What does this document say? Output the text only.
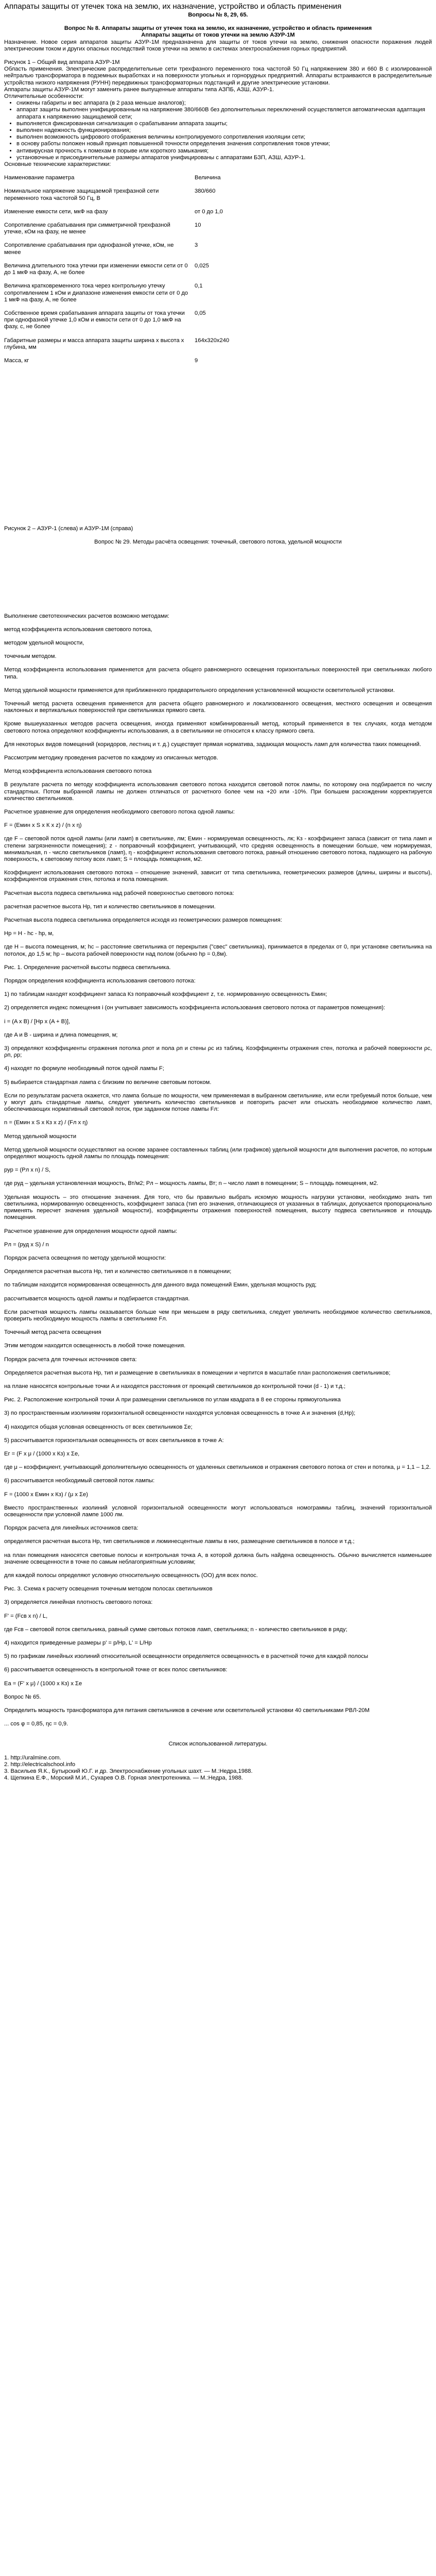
Аппараты защиты от утечек тока на землю, их назначение, устройство и область применения
Вопросы № 8, 29, 65.
Вопрос № 8. Аппараты защиты от утечек тока на землю, их назначение, устройство и область применения
Аппараты защиты от токов утечки на землю АЗУР-1М
Назначение. Новое серия аппаратов защиты АЗУР-1М предназначена для защиты от токов утечки на землю, снижения опасности поражения людей электрическим током и других опасных последствий токов утечки на землю в системах электроснабжения горных предприятий.
Рисунок 1 – Общий вид аппарата АЗУР-1М
Область применения. Электрические распределительные сети трехфазного переменного тока частотой 50 Гц напряжением 380 и 660 В с изолированной нейтралью трансформатора в подземных выработках и на поверхности угольных и горнорудных предприятий. Аппараты встраиваются в распределительные устройства низкого напряжения (РУНН) передвижных трансформаторных подстанций и другие электрические установки.
Аппараты защиты АЗУР-1М могут заменить ранее выпущенные аппараты типа АЗПБ, АЗШ, АЗУР-1.
Отличительные особенности:
• снижены габариты и вес аппарата (в 2 раза меньше аналогов);
• аппарат защиты выполнен унифицированным на напряжение 380/660В без дополнительных переключений осуществляется автоматическая адаптация аппарата к напряжению защищаемой сети;
• выполняется фиксированная сигнализация о срабатывании аппарата защиты;
• выполнен надежность функционирования;
• выполнен возможность цифрового отображения величины контролируемого сопротивления изоляции сети;
• в основу работы положен новый принцип повышенной точности определения значения сопротивления токов утечки;
• антивирусная прочность к помехам в порыве или короткого замыкания;
• установочные и присоединительные размеры аппаратов унифицированы с аппаратами БЗП, АЗШ, АЗУР-1.
Основные технические характеристики:
Наименование параметра	Величина
Номинальное напряжение защищаемой трехфазной сети переменного тока частотой 50 Гц, В	380/660
Изменение емкости сети, мкФ на фазу	от 0 до 1,0
Сопротивление срабатывания при симметричной трехфазной утечке, кОм на фазу, не менее	10
Сопротивление срабатывания при однофазной утечке, кОм, не менее	3
Величина длительного тока утечки при изменении емкости сети от 0 до 1 мкФ на фазу, А, не более	0,025
Величина кратковременного тока через контрольную утечку сопротивлением 1 кОм и диапазоне изменения емкости сети от 0 до 1 мкФ на фазу, А, не более	0,1
Собственное время срабатывания аппарата защиты от тока утечки при однофазной утечке 1,0 кОм и емкости сети от 0 до 1,0 мкФ на фазу, с, не более	0,05
Габаритные размеры и масса аппарата защиты ширина х высота х глубина, мм	164х320х240
Масса, кг	9
Рисунок 2 – АЗУР-1 (слева) и АЗУР-1М (справа)
Вопрос № 29. Методы расчёта освещения: точечный, светового потока, удельной мощности
Выполнение светотехнических расчетов возможно методами:
метод коэффициента использования светового потока,
методом удельной мощности,
точечным методом.
Метод коэффициента использования применяется для расчета общего равномерного освещения горизонтальных поверхностей при светильниках любого типа.
Метод удельной мощности применяется для приближенного предварительного определения установленной мощности осветительной установки.
Точечный метод расчета освещения применяется для расчета общего равномерного и локализованного освещения, местного освещения и освещения наклонных и вертикальных поверхностей при светильниках прямого света.
Кроме вышеуказанных методов расчета освещения, иногда применяют комбинированный метод, который применяется в тех случаях, когда методом светового потока определяют коэффициенты использования, а в светильники не относится к классу прямого света.
Для некоторых видов помещений (коридоров, лестниц и т. д.) существует прямая норматива, задающая мощность ламп для количества таких помещений.
Рассмотрим методику проведения расчетов по каждому из описанных методов.
Метод коэффициента использования светового потока
В результате расчета по методу коэффициента использования светового потока находится световой поток лампы, по которому она подбирается по числу стандартных. Потом выбранной лампы не должен отличаться от расчетного более чем на +20 или -10%. При большем расхождении корректируется количество светильников.
Расчетное уравнение для определения необходимого светового потока одной лампы:
F = (Емин х S х К х z) / (n х η)
где F – световой поток одной лампы (или ламп) в светильнике, лм; Емин - нормируемая освещенность, лк; Кз - коэффициент запаса (зависит от типа ламп и степени загрязненности помещения); z - поправочный коэффициент, учитывающий, что средняя освещенность в помещении больше, чем нормируемая, минимальная, n - число светильников (ламп), η - коэффициент использования светового потока, равный отношению светового потока, падающего на рабочую поверхность, к световому потоку всех ламп; S = площадь помещения, м2.
Коэффициент использования светового потока – отношение значений, зависит от типа светильника, геометрических размеров (длины, ширины и высоты), коэффициентов отражения стен, потолка и пола помещения.
Расчетная высота подвеса светильника над рабочей поверхностью светового потока:
расчетная расчетное высота Hр, тип и количество светильников в помещении.
Расчетная высота подвеса светильника определяется исходя из геометрических размеров помещения:
Hр = H - hc - hр, м,
где H – высота помещения, м; hc – расстояние светильника от перекрытия ("свес" светильника), принимается в пределах от 0, при установке светильника на потолок, до 1,5 м; hр – высота рабочей поверхности над полом (обычно hр = 0,8м).
Рис. 1. Определение расчетной высоты подвеса светильника.
Порядок определения коэффициента использования светового потока:
1) по таблицам находят коэффициент запаса Кз поправочный коэффициент z, т.е. нормированную освещенность Емин;
2) определяется индекс помещения i (он учитывает зависимость коэффициента использования светового потока от параметров помещения):
i = (A х B) / [Hр х (A + B)],
где A и B - ширина и длина помещения, м;
3) определяют коэффициенты отражения потолка ρпот и пола ρп и стены ρс из таблиц. Коэффициенты отражения стен, потолка и рабочей поверхности ρс, ρп, ρр;
4) находят по формуле необходимый поток одной лампы F;
5) выбирается стандартная лампа с близким по величине световым потоком.
Если по результатам расчета окажется, что лампа больше по мощности, чем применяемая в выбранном светильнике, или если требуемый поток больше, чем у могут дать стандартные лампы, следует увеличить количество светильников и повторить расчет или отыскать необходимое количество ламп, обеспечивающих нормативный световой поток, при заданном потоке лампы Fл:
n = (Емин х S х Кз х z) / (Fл х η)
Метод удельной мощности
Метод удельной мощности осуществляют на основе заранее составленных таблиц (или графиков) удельной мощности для выполнения расчетов, по которым определяют мощность одной лампы по площадь помещения:
рур = (Pл х n) / S,
где руд – удельная установленная мощность, Вт/м2; Рл – мощность лампы, Вт; n – число ламп в помещении; S – площадь помещения, м2.
Удельная мощность – это отношение значения. Для того, что бы правильно выбрать искомую мощность нагрузки установки, необходимо знать тип светильника, нормированную освещенность, коэффициент запаса (тип его значения, отличающиеся от указанных в таблицах, допускается пропорционально применять пересчет значения удельной мощности), коэффициенты отражения поверхностей помещения, высоту подвеса светильников и площадь помещения.
Расчетное уравнение для определения мощности одной лампы:
Pл = (руд х S) / n
Порядок расчета освещения по методу удельной мощности:
Определяется расчетная высота Hр, тип и количество светильников n в помещении;
по таблицам находится нормированная освещенность для данного вида помещений Емин, удельная мощность руд;
рассчитывается мощность одной лампы и подбирается стандартная.
Если расчетная мощность лампы оказывается больше чем при меньшем в ряду светильника, следует увеличить необходимое количество светильников, проверить необходимую мощность лампы в светильнике Fл.
Точечный метод расчета освещения
Этим методом находится освещенность в любой точке помещения.
Порядок расчета для точечных источников света:
Определяется расчетная высота Hр, тип и размещение в светильниках в помещении и чертится в масштабе план расположения светильников;
на плане наносятся контрольные точки A и находятся расстояния от проекций светильников до контрольной точки (d - 1) и т.д.;
Рис. 2. Расположение контрольной точки А при размещении светильников по углам квадрата в 8 ее стороны прямоугольника
3) по пространственным изолиниям горизонтальной освещенности находятся условная освещенность в точке A и значения (d,Hр);
4) находится общая условная освещенность от всех светильников Σe;
5) рассчитывается горизонтальная освещенность от всех светильников в точке A:
Eг = (F х μ / (1000 х Кз) х Σe,
где μ – коэффициент, учитывающий дополнительную освещенность от удаленных светильников и отражения светового потока от стен и потолка, μ = 1,1 – 1,2.
6) рассчитывается необходимый световой поток лампы:
F = (1000 х Емин х Кз) / (μ х Σe)
Вместо пространственных изолиний условной горизонтальной освещенности могут использоваться номограммы таблиц, значений горизонтальной освещенности при условной лампе 1000 лм.
Порядок расчета для линейных источников света:
определяется расчетная высота Hр, тип светильников и люминесцентные лампы в них, размещение светильников в полосе и т.д.;
на план помещения наносятся световые полосы и контрольная точка A, в которой должна быть найдена освещенность. Обычно вычисляется наименьшее значение освещенности в точке по самым неблагоприятным условиям;
для каждой полосы определяют условную относительную освещенность (ОО) для всех полос.
Рис. 3. Схема к расчету освещения точечным методом полосах светильников
3) определяется линейная плотность светового потока:
F' = (Fсв х n) / L,
где Fсв – световой поток светильника, равный сумме световых потоков ламп, светильника; n - количество светильников в ряду;
4) находится приведенные размеры р' = р/Нр, L' = L/Нр
5) по графикам линейных изолиний относительной освещенности определяется освещенность е в расчетной точке для каждой полосы
6) рассчитывается освещенность в контрольной точке от всех полос светильников:
Eа = (F' х μ) / (1000 х Кз) х Σe
Вопрос № 65.
Определить мощность трансформатора для питания светильников в сечение или осветительной установки 40 светильниками РВЛ-20М
... сos φ = 0,85, ηc = 0,9.
Список использованной литературы.
1. http://uralmine.com.
2. http://electricalschool.info
3. Васильев Я.К., Бутырский Ю.Г. и др. Электроснабжение угольных шахт. — М.:Недра,1988.
4. Щепкина Е.Ф., Морский М.И., Сухарев О.В. Горная электротехника. — М.:Недра, 1988.
